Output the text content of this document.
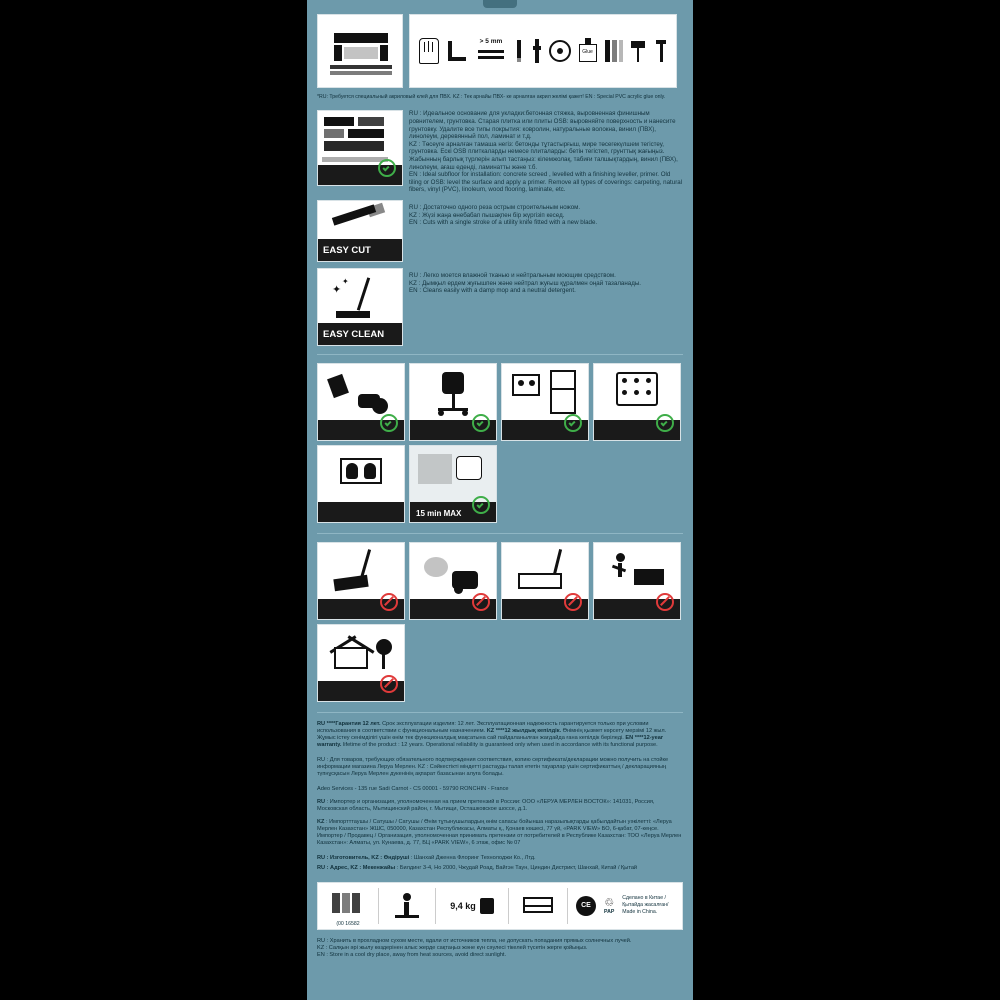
> 5 mm
Glue
*RU: Требуется специальный акриловый клей для ПВХ. KZ : Тек арнайы ПВХ- ке арналған акрил желімі қажет! EN : Special PVC acrylic glue only.
RU : Идеальное основание для укладки:бетонная стяжка, выровненная финишным ровнителем, грунтовка. Старая плитка или плиты OSB: выровняйте поверхность и нанесите грунтовку. Удалите все типы покрытия: ковролин, натуральные волокна, винил (ПВХ), линолеум, деревянный пол, ламинат и т.д.
KZ : Төсеуге арналған тамаша негіз: бетонды тұтастырғыш, мире төсегекүлшем тегістеу, грунтовка. Ескі OSB плиткаларды немесе плиталарды: бетін тегістеп, грунттық жағыңыз. Жабынның барлық түрлерін алып тастаңыз: кілемжолақ, табиғи талшықтардың, винил (ПВХ), линолеум, ағаш еденді, ламинатты және т.б.
EN : Ideal subfloor for installation: concrete screed , levelled with a finishing leveller, primer. Old tiling or OSB: level the surface and apply a primer. Remove all types of coverings: carpeting, natural fibers, vinyl (PVC), linoleum, wood flooring, laminate, etc.
EASY CUT
RU : Достаточно одного реза острым строительным ножом.
KZ : Жүзі жаңа өнебабап пышақпен бір жүргізіп кесед.
EN : Cuts with a single stroke of a utility knife fitted with a new blade.
✦
✦
EASY CLEAN
RU : Легко моется влажной тканью и нейтральным моющим средством.
KZ : Дымқыл ердем жуғышпен және нейтрал жуғыш құралмен оңай тазаланады.
EN : Cleans easily with a damp mop and a neutral detergent.
15 min MAX
RU ****Гарантия 12 лет. Срок эксплуатации изделия: 12 лет. Эксплуатационная надежность гарантируется только при условии использования в соответствии с функциональным назначением. KZ ****12 жылдық кепілдік. Өнімнің қызмет көрсету мерзімі 12 жыл. Жұмыс істеу сенімділігі үшін өнім тек функционалдық мақсатына сай пайдаланылған жағдайда ғана кепілдік беріледі. EN ****12-year warranty. lifetime of the product : 12 years. Operational reliability is guaranteed only when used in accordance with its functional purpose.
RU : Для товаров, требующих обязательного подтверждения соответствия, копию сертификата/декларации можно получить на стойке информации магазина Леруа Мерлен. KZ : Сәйкестікті міндетті растауды талап ететін тауарлар үшін сертификаттың / декларацияның түпнұсқасын Леруа Мерлен дүкенінің ақпарат базасынан алуға болады.
Adeo Services - 135 rue Sadi Carnot - CS 00001 - 59790 RONCHIN - France
RU : Импортер и организация, уполномоченная на прием претензий в России: ООО «ЛЕРУА МЕРЛЕН ВОСТОК»: 141031, Россия, Московская область, Мытищинский район, г. Мытищи, Осташковское шоссе, д.1.
KZ : Импортттаушы / Сатушы / Сатушы / Өнім тұтынушылардың өнім сапасы бойынша наразылықтарды қабылдайтын уәкілетті: «Леруа Мерлен Казахстан» ЖШС, 050000, Казахстан Республикасы, Алматы қ., Қонаев көшесі, 77 үй, «PARK VIEW» БО, 6-қабат, 07-кеңсе. Импортер / Продавец / Организация, уполномоченная принимать претензии от потребителей в Республике Казахстан: ТОО «Леруа Мерлен Казахстан»: Алматы, ул. Кунаева, д. 77, БЦ «PARK VIEW», 6 этаж, офис № 07
RU : Изготовитель, KZ : Өндіруші : Шанхай Дженна Флоринг Технолоджи Ко., Лтд.
RU : Адрес, KZ : Мекенжайы : Билдинг 3-4, Но 2000, Чжудай Роад, Вайгэн Таун, Циндин Дистрикт, Шанхай, Китай / Қытай
(00 16582
9,4 kg	CE	♲
PAP
Сделано в Китае /
Қытайда жасалған/
Made in China.
RU : Хранить в прохладном сухом месте, вдали от источников тепла, не допускать попадания прямых солнечных лучей.
KZ : Салқын әрі жылу көздерінен алыс жерде сақтаңыз және күн сәулесі тікелей түсетін жерге қойыңыз.
EN : Store in a cool dry place, away from heat sources, avoid direct sunlight.
